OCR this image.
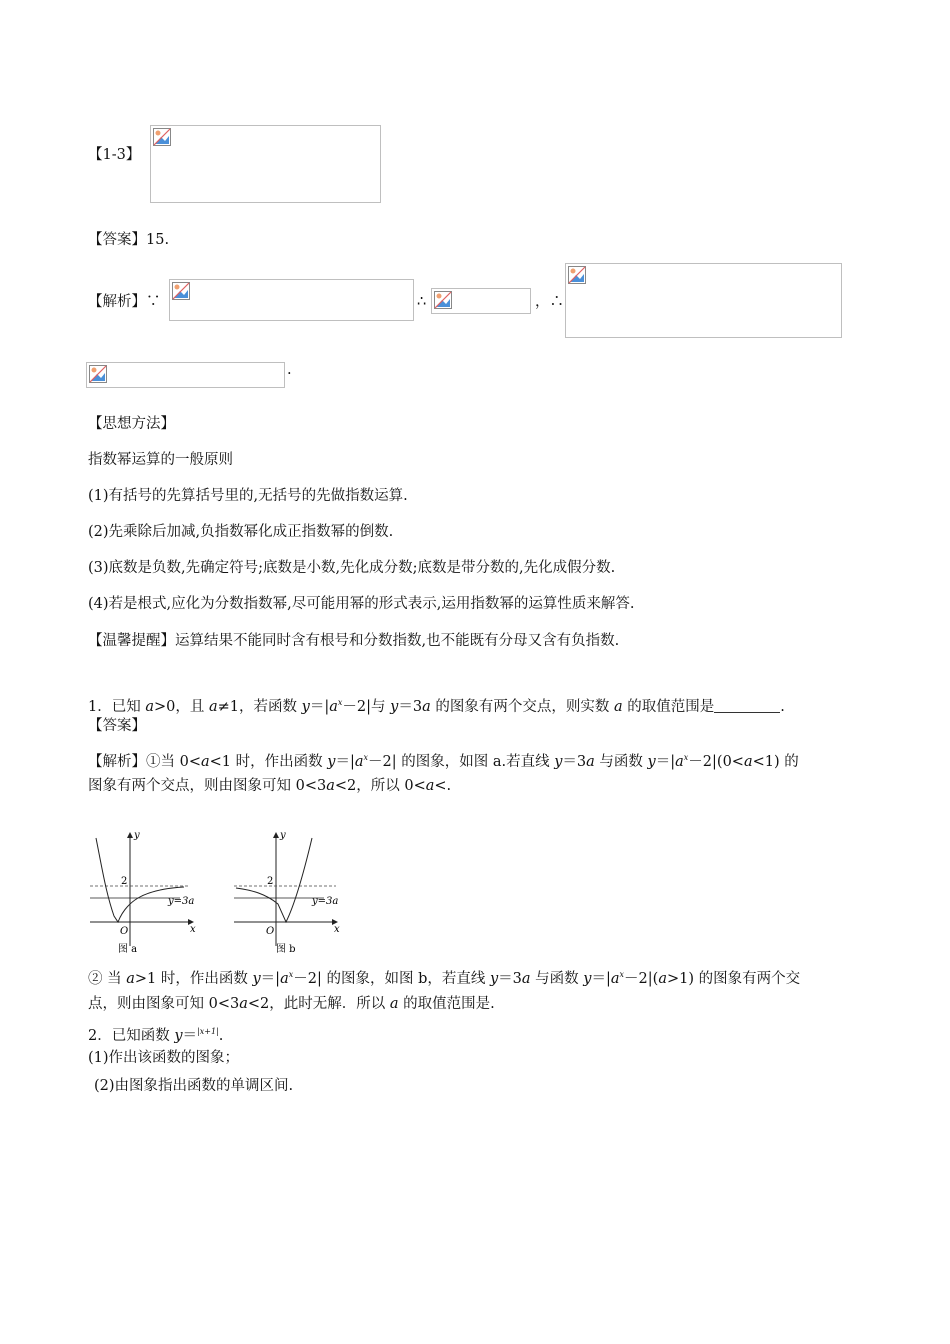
【1-3】
【答案】15.
【解析】∵	∴	，∴
.
【思想方法】
指数幂运算的一般原则
(1)有括号的先算括号里的,无括号的先做指数运算.
(2)先乘除后加减,负指数幂化成正指数幂的倒数.
(3)底数是负数,先确定符号;底数是小数,先化成分数;底数是带分数的,先化成假分数.
(4)若是根式,应化为分数指数幂,尽可能用幂的形式表示,运用指数幂的运算性质来解答.
【温馨提醒】运算结果不能同时含有根号和分数指数,也不能既有分母又含有负指数.
1．已知 a>0，且 a≠1，若函数 $y=|a^x-2|$与 y＝3a 的图象有两个交点，则实数 a 的取值范围是	.
【答案】
【解析】①当 0<a<1 时，作出函数 $y=|a^x-2|$ 的图象，如图 a.若直线 y＝3a 与函数 $y=|a^x-2|(0<a<1)$ 的
图象有两个交点，则由图象可知 0<3a<2，所以 0<a<.
y
x
2
O
y=3a
图 a
y
x
2
O
y=3a
图 b
② 当 a>1 时，作出函数 $y=|a^x-2|$ 的图象，如图 b，若直线 y＝3a 与函数 $y=|a^x-2|(a>1)$ 的图象有两个交
点，则由图象可知 0<3a<2，此时无解．所以 a 的取值范围是.
2．已知函数 y＝$^{|x+1|}$.
(1)作出该函数的图象；
(2)由图象指出函数的单调区间.
